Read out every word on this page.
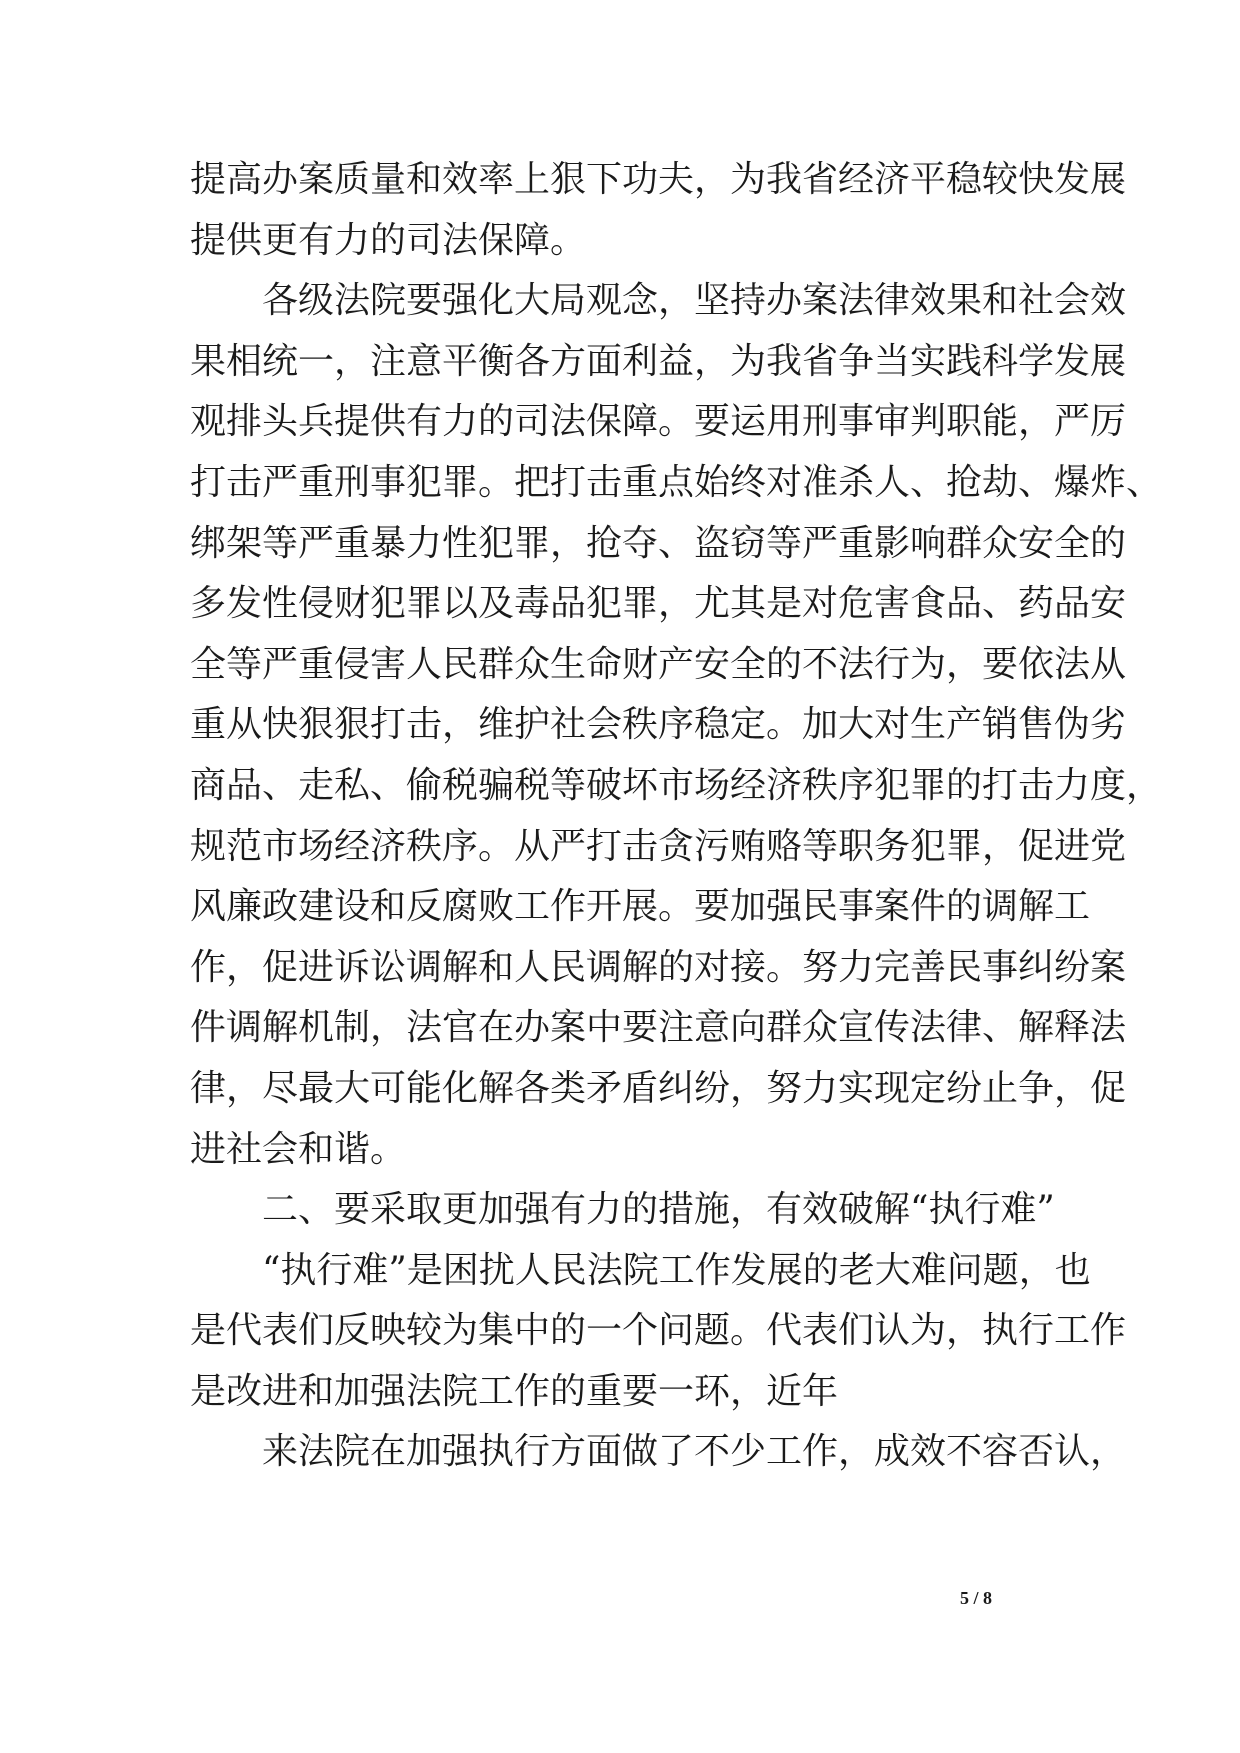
提高办案质量和效率上狠下功夫，为我省经济平稳较快发展
提供更有力的司法保障。
各级法院要强化大局观念，坚持办案法律效果和社会效
果相统一，注意平衡各方面利益，为我省争当实践科学发展
观排头兵提供有力的司法保障。要运用刑事审判职能，严厉
打击严重刑事犯罪。把打击重点始终对准杀人、抢劫、爆炸、
绑架等严重暴力性犯罪，抢夺、盗窃等严重影响群众安全的
多发性侵财犯罪以及毒品犯罪，尤其是对危害食品、药品安
全等严重侵害人民群众生命财产安全的不法行为，要依法从
重从快狠狠打击，维护社会秩序稳定。加大对生产销售伪劣
商品、走私、偷税骗税等破坏市场经济秩序犯罪的打击力度，
规范市场经济秩序。从严打击贪污贿赂等职务犯罪，促进党
风廉政建设和反腐败工作开展。要加强民事案件的调解工
作，促进诉讼调解和人民调解的对接。努力完善民事纠纷案
件调解机制，法官在办案中要注意向群众宣传法律、解释法
律，尽最大可能化解各类矛盾纠纷，努力实现定纷止争，促
进社会和谐。
二、要采取更加强有力的措施，有效破解“执行难”
“执行难”是困扰人民法院工作发展的老大难问题，也
是代表们反映较为集中的一个问题。代表们认为，执行工作
是改进和加强法院工作的重要一环，近年
来法院在加强执行方面做了不少工作，成效不容否认，
5 / 8
